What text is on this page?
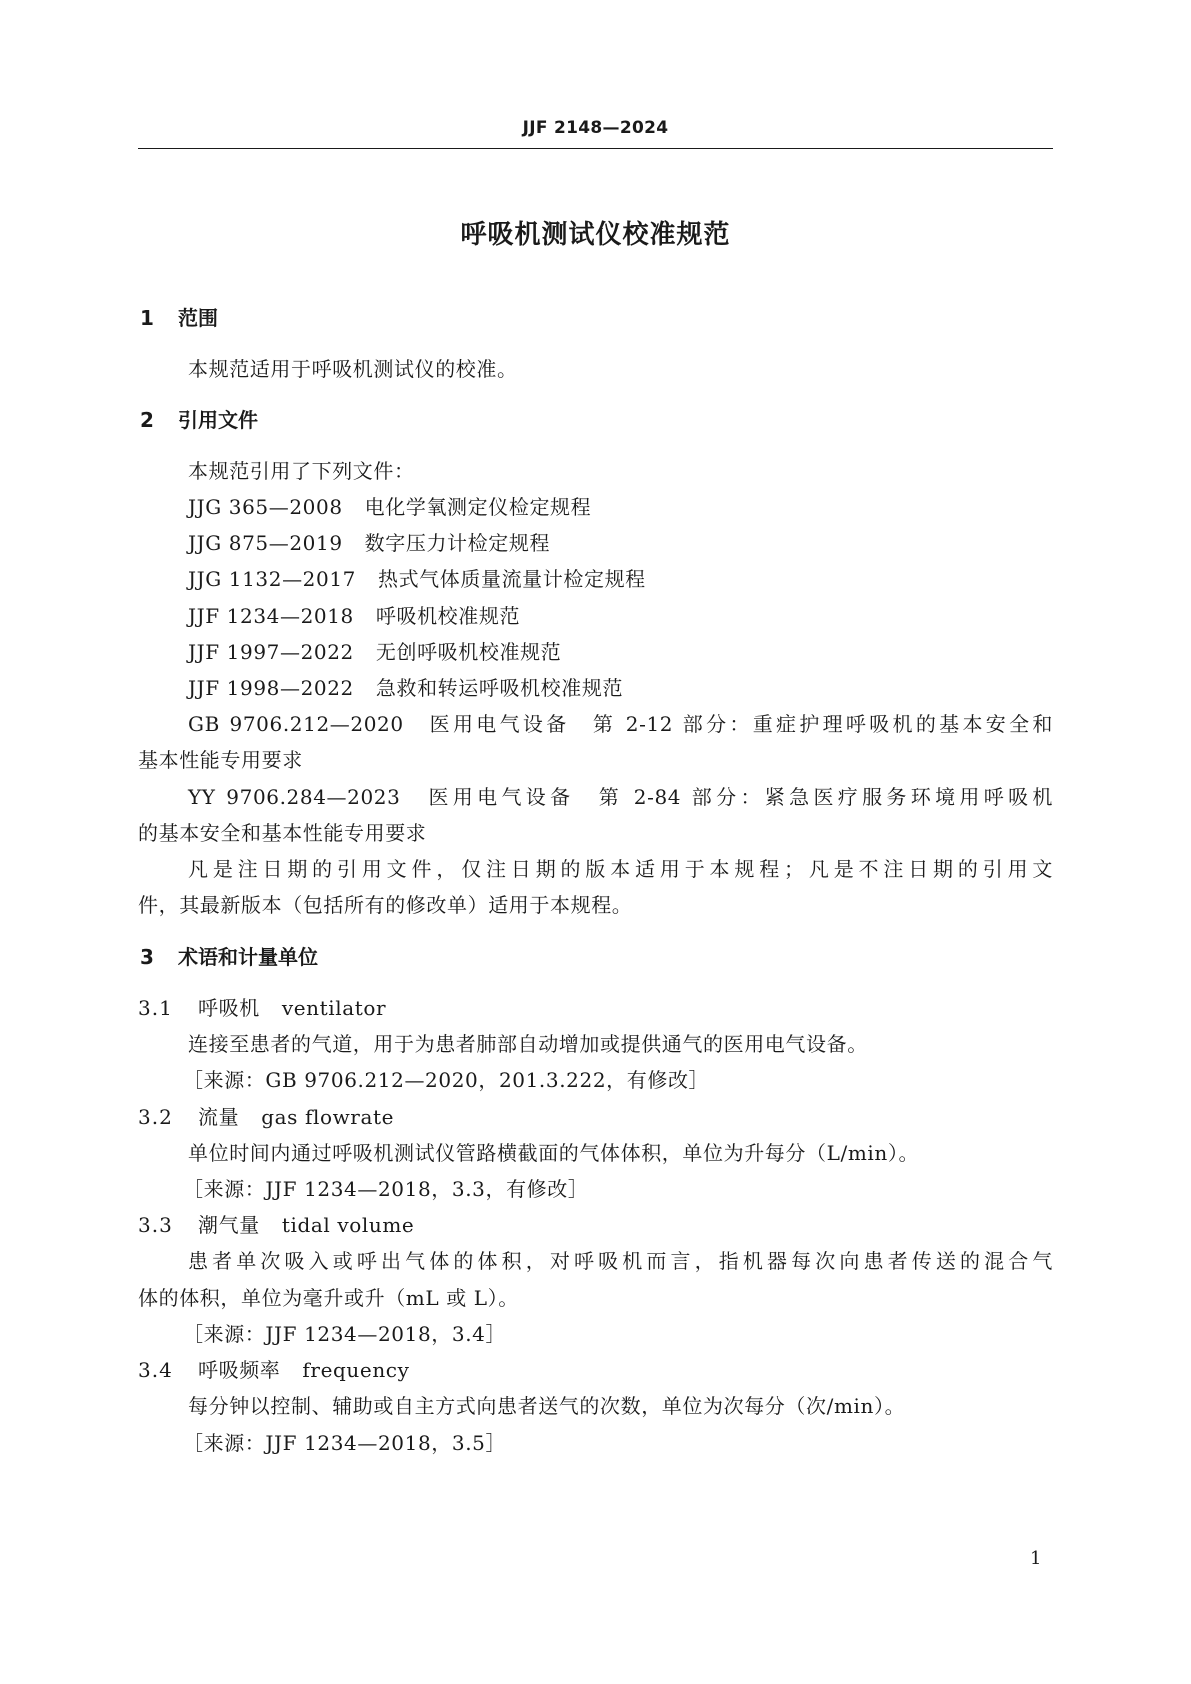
JJF 2148—2024
呼吸机测试仪校准规范
1 范围
本规范适用于呼吸机测试仪的校准。
2 引用文件
本规范引用了下列文件：
JJG 365—2008 电化学氧测定仪检定规程
JJG 875—2019 数字压力计检定规程
JJG 1132—2017 热式气体质量流量计检定规程
JJF 1234—2018 呼吸机校准规范
JJF 1997—2022 无创呼吸机校准规范
JJF 1998—2022 急救和转运呼吸机校准规范
GB 9706.212—2020　医用电气设备　第 2-12 部分：重症护理呼吸机的基本安全和
基本性能专用要求
YY 9706.284—2023　医用电气设备　第 2-84 部分：紧急医疗服务环境用呼吸机
的基本安全和基本性能专用要求
凡是注日期的引用文件，仅注日期的版本适用于本规程；凡是不注日期的引用文
件，其最新版本（包括所有的修改单）适用于本规程。
3 术语和计量单位
3.1 呼吸机 ventilator
连接至患者的气道，用于为患者肺部自动增加或提供通气的医用电气设备。
［来源：GB 9706.212—2020，201.3.222，有修改］
3.2 流量 gas flowrate
单位时间内通过呼吸机测试仪管路横截面的气体体积，单位为升每分（L/min）。
［来源：JJF 1234—2018，3.3，有修改］
3.3 潮气量 tidal volume
患者单次吸入或呼出气体的体积，对呼吸机而言，指机器每次向患者传送的混合气
体的体积，单位为毫升或升（mL 或 L）。
［来源：JJF 1234—2018，3.4］
3.4 呼吸频率 frequency
每分钟以控制、辅助或自主方式向患者送气的次数，单位为次每分（次/min）。
［来源：JJF 1234—2018，3.5］
1
